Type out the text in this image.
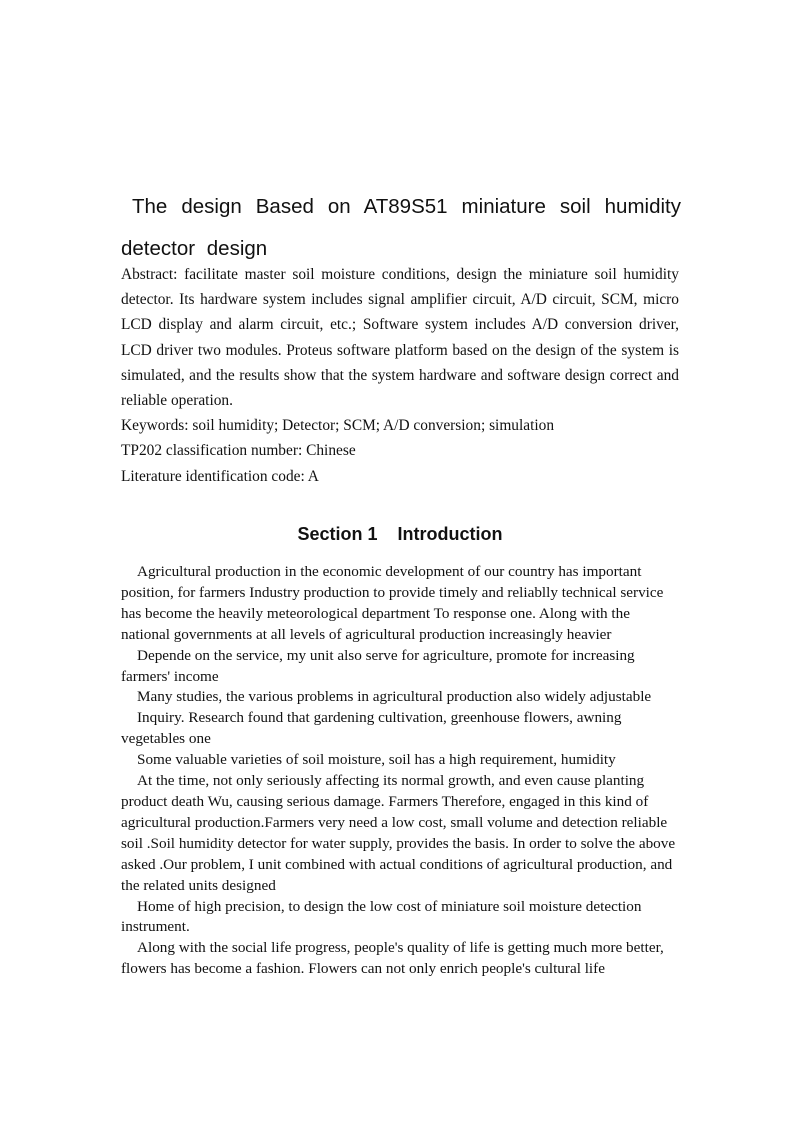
The design Based on AT89S51 miniature soil humidity detector design

Abstract: facilitate master soil moisture conditions, design the miniature soil humidity detector. Its hardware system includes signal amplifier circuit, A/D circuit, SCM, micro LCD display and alarm circuit, etc.; Software system includes A/D conversion driver, LCD driver two modules. Proteus software platform based on the design of the system is simulated, and the results show that the system hardware and software design correct and reliable operation.

Keywords: soil humidity; Detector; SCM; A/D conversion; simulation

TP202 classification number: Chinese

Literature identification code: A

Section 1    Introduction

Agricultural production in the economic development of our country has important position, for farmers Industry production to provide timely and reliablly technical service has become the heavily meteorological department To response one. Along with the national governments at all levels of agricultural production increasingly heavier

Depende on the service, my unit also serve for agriculture, promote for increasing farmers' income

Many studies, the various problems in agricultural production also widely adjustable

Inquiry. Research found that gardening cultivation, greenhouse flowers, awning vegetables one

Some valuable varieties of soil moisture, soil has a high requirement, humidity

At the time, not only seriously affecting its normal growth, and even cause planting product death Wu, causing serious damage. Farmers Therefore, engaged in this kind of agricultural production.Farmers very need a low cost, small volume and detection reliable soil .Soil humidity detector for water supply, provides the basis. In order to solve the above asked .Our problem, I unit combined with actual conditions of agricultural production, and the related units designed

Home of high precision, to design the low cost of miniature soil moisture detection instrument.

Along with the social life progress, people's quality of life is getting much more better, flowers has become a fashion. Flowers can not only enrich people's cultural life
